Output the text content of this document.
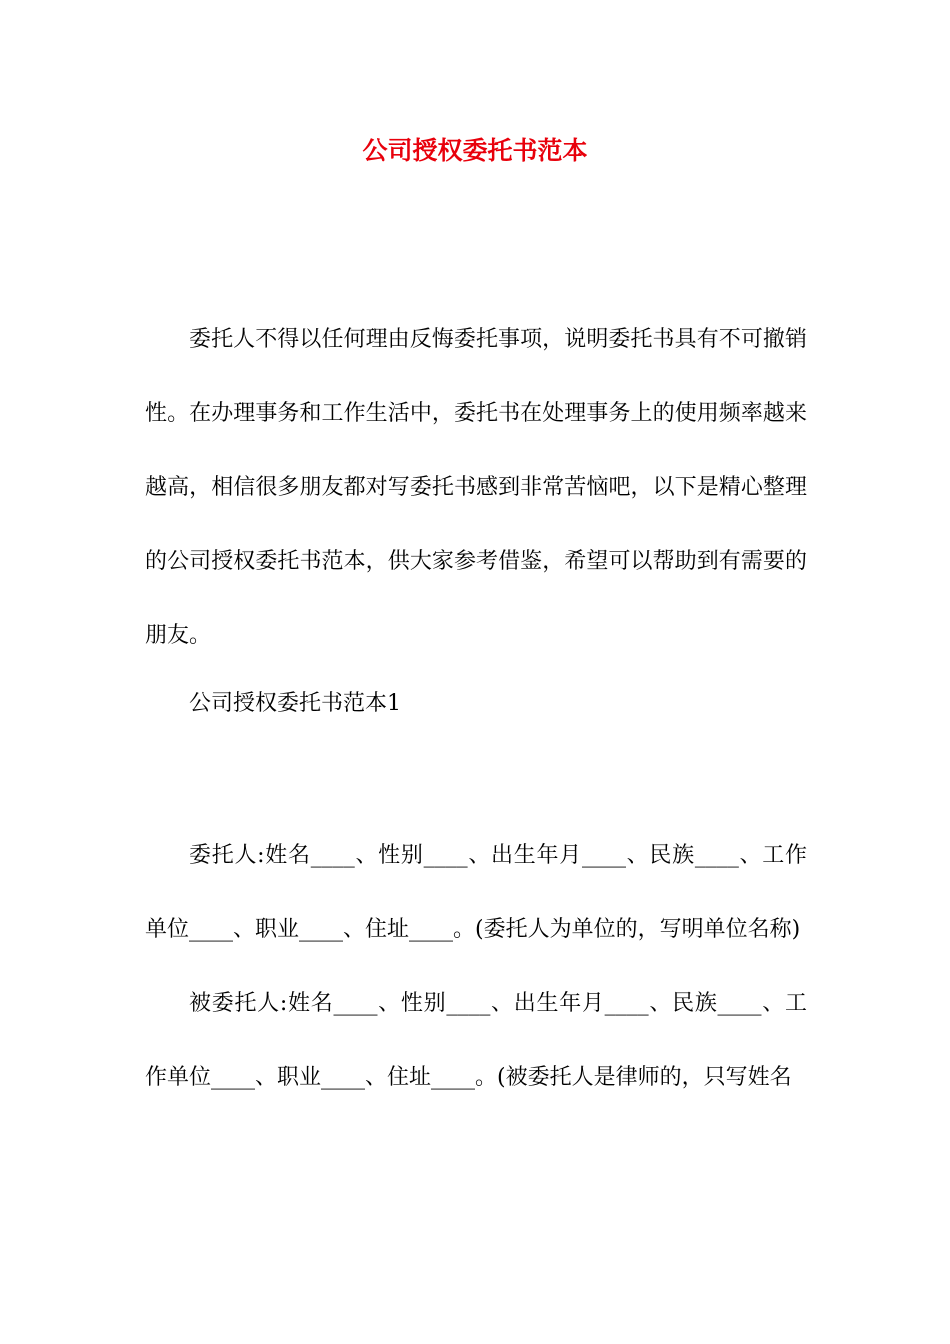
公司授权委托书范本

委托人不得以任何理由反悔委托事项，说明委托书具有不可撤销性。在办理事务和工作生活中，委托书在处理事务上的使用频率越来越高，相信很多朋友都对写委托书感到非常苦恼吧，以下是精心整理的公司授权委托书范本，供大家参考借鉴，希望可以帮助到有需要的朋友。

公司授权委托书范本1

委托人:姓名____、性别____、出生年月____、民族____、工作单位____、职业____、住址____。(委托人为单位的，写明单位名称)

被委托人:姓名____、性别____、出生年月____、民族____、工作单位____、职业____、住址____。(被委托人是律师的，只写姓名
